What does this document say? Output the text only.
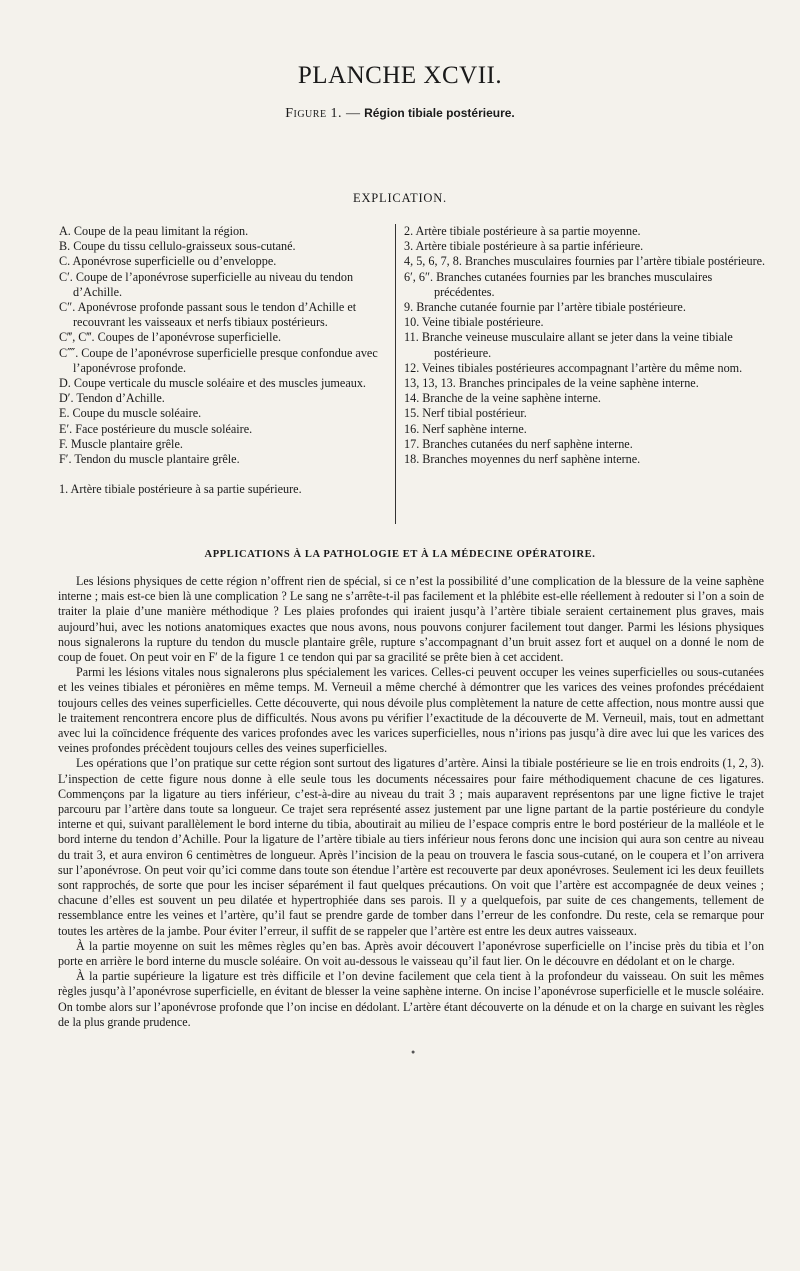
PLANCHE XCVII.
Figure 1. — Région tibiale postérieure.
EXPLICATION.
A. Coupe de la peau limitant la région.
B. Coupe du tissu cellulo-graisseux sous-cutané.
C. Aponévrose superficielle ou d’enveloppe.
C′. Coupe de l’aponévrose superficielle au niveau du tendon d’Achille.
C″. Aponévrose profonde passant sous le tendon d’Achille et recouvrant les vaisseaux et nerfs tibiaux postérieurs.
C‴, C‴. Coupes de l’aponévrose superficielle.
C⁗. Coupe de l’aponévrose superficielle presque confondue avec l’aponévrose profonde.
D. Coupe verticale du muscle soléaire et des muscles jumeaux.
D′. Tendon d’Achille.
E. Coupe du muscle soléaire.
E′. Face postérieure du muscle soléaire.
F. Muscle plantaire grêle.
F′. Tendon du muscle plantaire grêle.
1. Artère tibiale postérieure à sa partie supérieure.
2. Artère tibiale postérieure à sa partie moyenne.
3. Artère tibiale postérieure à sa partie inférieure.
4, 5, 6, 7, 8. Branches musculaires fournies par l’artère tibiale postérieure.
6′, 6″. Branches cutanées fournies par les branches musculaires précédentes.
9. Branche cutanée fournie par l’artère tibiale postérieure.
10. Veine tibiale postérieure.
11. Branche veineuse musculaire allant se jeter dans la veine tibiale postérieure.
12. Veines tibiales postérieures accompagnant l’artère du même nom.
13, 13, 13. Branches principales de la veine saphène interne.
14. Branche de la veine saphène interne.
15. Nerf tibial postérieur.
16. Nerf saphène interne.
17. Branches cutanées du nerf saphène interne.
18. Branches moyennes du nerf saphène interne.
APPLICATIONS À LA PATHOLOGIE ET À LA MÉDECINE OPÉRATOIRE.

Les lésions physiques de cette région n’offrent rien de spécial, si ce n’est la possibilité d’une complication de la blessure de la veine saphène interne ; mais est-ce bien là une complication ? Le sang ne s’arrête-t-il pas facilement et la phlébite est-elle réellement à redouter si l’on a soin de traiter la plaie d’une manière méthodique ? Les plaies profondes qui iraient jusqu’à l’artère tibiale seraient certainement plus graves, mais aujourd’hui, avec les notions anatomiques exactes que nous avons, nous pouvons conjurer facilement tout danger. Parmi les lésions physiques nous signalerons la rupture du tendon du muscle plantaire grêle, rupture s’accompagnant d’un bruit assez fort et auquel on a donné le nom de coup de fouet. On peut voir en F′ de la figure 1 ce tendon qui par sa gracilité se prête bien à cet accident.

Parmi les lésions vitales nous signalerons plus spécialement les varices. Celles-ci peuvent occuper les veines superficielles ou sous-cutanées et les veines tibiales et péronières en même temps. M. Verneuil a même cherché à démontrer que les varices des veines profondes précédaient toujours celles des veines superficielles. Cette découverte, qui nous dévoile plus complètement la nature de cette affection, nous montre aussi que le traitement rencontrera encore plus de difficultés. Nous avons pu vérifier l’exactitude de la découverte de M. Verneuil, mais, tout en admettant avec lui la coïncidence fréquente des varices profondes avec les varices superficielles, nous n’irions pas jusqu’à dire avec lui que les varices des veines profondes précèdent toujours celles des veines superficielles.

Les opérations que l’on pratique sur cette région sont surtout des ligatures d’artère. Ainsi la tibiale postérieure se lie en trois endroits (1, 2, 3). L’inspection de cette figure nous donne à elle seule tous les documents nécessaires pour faire méthodiquement chacune de ces ligatures. Commençons par la ligature au tiers inférieur, c’est-à-dire au niveau du trait 3 ; mais auparavent représentons par une ligne fictive le trajet parcouru par l’artère dans toute sa longueur. Ce trajet sera représenté assez justement par une ligne partant de la partie postérieure du condyle interne et qui, suivant parallèlement le bord interne du tibia, aboutirait au milieu de l’espace compris entre le bord postérieur de la malléole et le bord interne du tendon d’Achille. Pour la ligature de l’artère tibiale au tiers inférieur nous ferons donc une incision qui aura son centre au niveau du trait 3, et aura environ 6 centimètres de longueur. Après l’incision de la peau on trouvera le fascia sous-cutané, on le coupera et l’on arrivera sur l’aponévrose. On peut voir qu’ici comme dans toute son étendue l’artère est recouverte par deux aponévroses. Seulement ici les deux feuillets sont rapprochés, de sorte que pour les inciser séparément il faut quelques précautions. On voit que l’artère est accompagnée de deux veines ; chacune d’elles est souvent un peu dilatée et hypertrophiée dans ses parois. Il y a quelquefois, par suite de ces changements, tellement de ressemblance entre les veines et l’artère, qu’il faut se prendre garde de tomber dans l’erreur de les confondre. Du reste, cela se remarque pour toutes les artères de la jambe. Pour éviter l’erreur, il suffit de se rappeler que l’artère est entre les deux autres vaisseaux.

À la partie moyenne on suit les mêmes règles qu’en bas. Après avoir découvert l’aponévrose superficielle on l’incise près du tibia et l’on porte en arrière le bord interne du muscle soléaire. On voit au-dessous le vaisseau qu’il faut lier. On le découvre en dédolant et on le charge.

À la partie supérieure la ligature est très difficile et l’on devine facilement que cela tient à la profondeur du vaisseau. On suit les mêmes règles jusqu’à l’aponévrose superficielle, en évitant de blesser la veine saphène interne. On incise l’aponévrose superficielle et le muscle soléaire. On tombe alors sur l’aponévrose profonde que l’on incise en dédolant. L’artère étant découverte on la dénude et on la charge en suivant les règles de la plus grande prudence.

●
